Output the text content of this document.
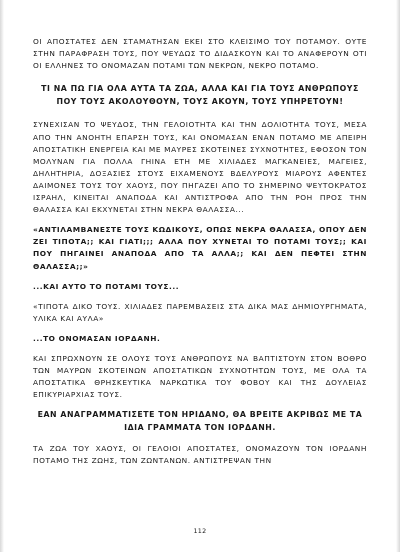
ΟΙ ΑΠΟΣΤΑΤΕΣ ΔΕΝ ΣΤΑΜΑΤΗΣΑΝ ΕΚΕΙ ΣΤΟ ΚΛΕΙΣΙΜΟ ΤΟΥ ΠΟΤΑΜΟΥ. ΟΥΤΕ ΣΤΗΝ ΠΑΡΑΦΡΑΣΗ ΤΟΥΣ, ΠΟΥ ΨΕΥΔΩΣ ΤΟ ΔΙΔΑΣΚΟΥΝ ΚΑΙ ΤΟ ΑΝΑΦΕΡΟΥΝ ΟΤΙ ΟΙ ΕΛΛΗΝΕΣ ΤΟ ΟΝΟΜΑΖΑΝ ΠΟΤΑΜΙ ΤΩΝ ΝΕΚΡΩΝ, ΝΕΚΡΟ ΠΟΤΑΜΟ.

ΤΙ ΝΑ ΠΩ ΓΙΑ ΟΛΑ ΑΥΤΑ ΤΑ ΖΩΑ, ΑΛΛΑ ΚΑΙ ΓΙΑ ΤΟΥΣ ΑΝΘΡΩΠΟΥΣ ΠΟΥ ΤΟΥΣ ΑΚΟΛΟΥΘΟΥΝ, ΤΟΥΣ ΑΚΟΥΝ, ΤΟΥΣ ΥΠΗΡΕΤΟΥΝ!

ΣΥΝΕΧΙΣΑΝ ΤΟ ΨΕΥΔΟΣ, ΤΗΝ ΓΕΛΟΙΟΤΗΤΑ ΚΑΙ ΤΗΝ ΔΟΛΙΟΤΗΤΑ ΤΟΥΣ, ΜΕΣΑ ΑΠΟ ΤΗΝ ΑΝΟΗΤΗ ΕΠΑΡΣΗ ΤΟΥΣ, ΚΑΙ ΟΝΟΜΑΣΑΝ ΕΝΑΝ ΠΟΤΑΜΟ ΜΕ ΑΠΕΙΡΗ ΑΠΟΣΤΑΤΙΚΗ ΕΝΕΡΓΕΙΑ ΚΑΙ ΜΕ ΜΑΥΡΕΣ ΣΚΟΤΕΙΝΕΣ ΣΥΧΝΟΤΗΤΕΣ, ΕΦΟΣΟΝ ΤΟΝ ΜΟΛΥΝΑΝ ΓΙΑ ΠΟΛΛΑ ΓΗΙΝΑ ΕΤΗ ΜΕ ΧΙΛΙΑΔΕΣ ΜΑΓΚΑΝΕΙΕΣ, ΜΑΓΕΙΕΣ, ΔΗΛΗΤΗΡΙΑ, ΔΟΞΑΣΙΕΣ ΣΤΟΥΣ ΕΙΧΑΜΕΝΟΥΣ ΒΔΕΛΥΡΟΥΣ ΜΙΑΡΟΥΣ ΑΦΕΝΤΕΣ ΔΑΙΜΟΝΕΣ ΤΟΥΣ ΤΟΥ ΧΑΟΥΣ, ΠΟΥ ΠΗΓΑΖΕΙ ΑΠΟ ΤΟ ΣΗΜΕΡΙΝΟ ΨΕΥΤΟΚΡΑΤΟΣ ΙΣΡΑΗΛ, ΚΙΝΕΙΤΑΙ ΑΝΑΠΟΔΑ ΚΑΙ ΑΝΤΙΣΤΡΟΦΑ ΑΠΟ ΤΗΝ ΡΟΗ ΠΡΟΣ ΤΗΝ ΘΑΛΑΣΣΑ ΚΑΙ ΕΚΧΥΝΕΤΑΙ ΣΤΗΝ ΝΕΚΡΑ ΘΑΛΑΣΣΑ...

«ΑΝΤΙΛΑΜΒΑΝΕΣΤΕ ΤΟΥΣ ΚΩΔΙΚΟΥΣ, ΟΠΩΣ ΝΕΚΡΑ ΘΑΛΑΣΣΑ, ΟΠΟΥ ΔΕΝ ΖΕΙ ΤΙΠΟΤΑ;; ΚΑΙ ΓΙΑΤΙ;;; ΑΛΛΑ ΠΟΥ ΧΥΝΕΤΑΙ ΤΟ ΠΟΤΑΜΙ ΤΟΥΣ;; ΚΑΙ ΠΟΥ ΠΗΓΑΙΝΕΙ ΑΝΑΠΟΔΑ ΑΠΟ ΤΑ ΑΛΛΑ;; ΚΑΙ ΔΕΝ ΠΕΦΤΕΙ ΣΤΗΝ ΘΑΛΑΣΣΑ;;»

...ΚΑΙ ΑΥΤΟ ΤΟ ΠΟΤΑΜΙ ΤΟΥΣ...

«ΤΙΠΟΤΑ ΔΙΚΟ ΤΟΥΣ. ΧΙΛΙΑΔΕΣ ΠΑΡΕΜΒΑΣΕΙΣ ΣΤΑ ΔΙΚΑ ΜΑΣ ΔΗΜΙΟΥΡΓΗΜΑΤΑ, ΥΛΙΚΑ ΚΑΙ ΑΥΛΑ»

...ΤΟ ΟΝΟΜΑΣΑΝ ΙΟΡΔΑΝΗ.

ΚΑΙ ΣΠΡΩΧΝΟΥΝ ΣΕ ΟΛΟΥΣ ΤΟΥΣ ΑΝΘΡΩΠΟΥΣ ΝΑ ΒΑΠΤΙΣΤΟΥΝ ΣΤΟΝ ΒΟΘΡΟ ΤΩΝ ΜΑΥΡΩΝ ΣΚΟΤΕΙΝΩΝ ΑΠΟΣΤΑΤΙΚΩΝ ΣΥΧΝΟΤΗΤΩΝ ΤΟΥΣ, ΜΕ ΟΛΑ ΤΑ ΑΠΟΣΤΑΤΙΚΑ ΘΡΗΣΚΕΥΤΙΚΑ ΝΑΡΚΩΤΙΚΑ ΤΟΥ ΦΟΒΟΥ ΚΑΙ ΤΗΣ ΔΟΥΛΕΙΑΣ ΕΠΙΚΥΡΙΑΡΧΙΑΣ ΤΟΥΣ.

ΕΑΝ ΑΝΑΓΡΑΜΜΑΤΙΣΕΤΕ ΤΟΝ ΗΡΙΔΑΝΟ, ΘΑ ΒΡΕΙΤΕ ΑΚΡΙΒΩΣ ΜΕ ΤΑ ΙΔΙΑ ΓΡΑΜΜΑΤΑ ΤΟΝ ΙΟΡΔΑΝΗ.

ΤΑ ΖΩΑ ΤΟΥ ΧΑΟΥΣ, ΟΙ ΓΕΛΟΙΟΙ ΑΠΟΣΤΑΤΕΣ, ΟΝΟΜΑΖΟΥΝ ΤΟΝ ΙΟΡΔΑΝΗ ΠΟΤΑΜΟ ΤΗΣ ΖΩΗΣ, ΤΩΝ ΖΩΝΤΑΝΩΝ. ΑΝΤΙΣΤΡΕΨΑΝ ΤΗΝ

112
